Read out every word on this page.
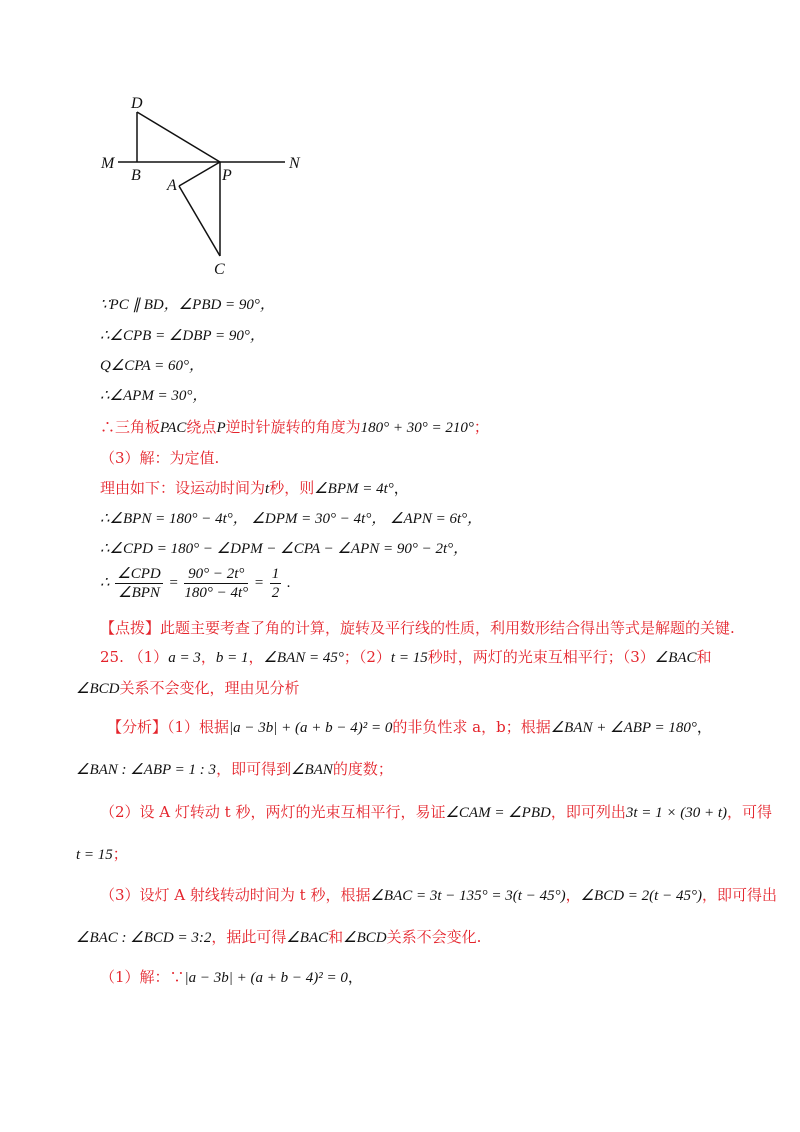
D
M
B
A
P
N
C
∵PC ∥ BD，∠PBD = 90°，
∴∠CPB = ∠DBP = 90°，
Q∠CPA = 60°，
∴∠APM = 30°，
∴三角板PAC绕点P逆时针旋转的角度为180° + 30° = 210°；
（3）解：为定值.
理由如下：设运动时间为t秒，则∠BPM = 4t°，
∴∠BPN = 180° − 4t°， ∠DPM = 30° − 4t°， ∠APN = 6t°，
∴∠CPD = 180° − ∠DPM − ∠CPA − ∠APN = 90° − 2t°，
∴ $\frac{\text{∠CPD}}{\text{∠BPN}} = \frac{90^\circ - 2t^\circ}{180^\circ - 4t^\circ} = \frac{1}{2}$ .
【点拨】此题主要考查了角的计算，旋转及平行线的性质，利用数形结合得出等式是解题的关键.
25. （1）a = 3，b = 1，∠BAN = 45°；（2）t = 15秒时，两灯的光束互相平行；（3）∠BAC和
∠BCD关系不会变化，理由见分析
【分析】（1）根据|a − 3b| + (a + b − 4)² = 0的非负性求 a，b；根据∠BAN + ∠ABP = 180°，
∠BAN : ∠ABP = 1 : 3，即可得到∠BAN的度数；
（2）设 A 灯转动 t 秒，两灯的光束互相平行，易证∠CAM = ∠PBD，即可列出3t = 1 × (30 + t)，可得
t = 15；
（3）设灯 A 射线转动时间为 t 秒，根据∠BAC = 3t − 135° = 3(t − 45°)，∠BCD = 2(t − 45°)，即可得出
∠BAC : ∠BCD = 3:2，据此可得∠BAC和∠BCD关系不会变化.
（1）解：∵|a − 3b| + (a + b − 4)² = 0，
